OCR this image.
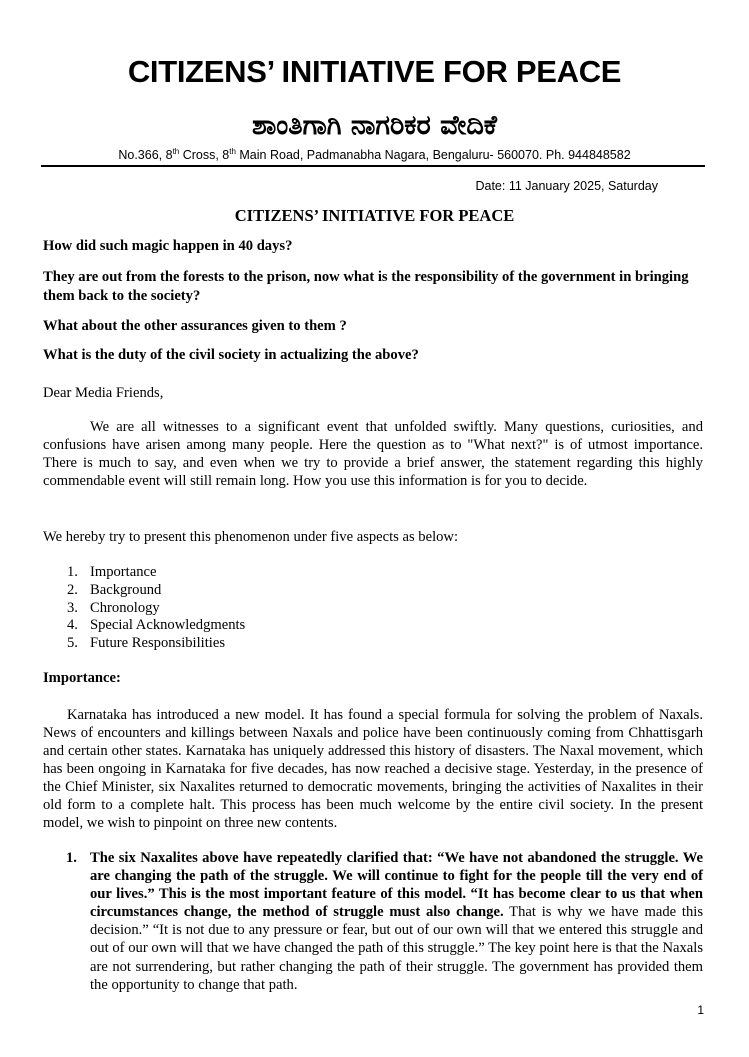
CITIZENS’ INITIATIVE FOR PEACE
ಶಾಂತಿಗಾಗಿ ನಾಗರಿಕರ ವೇದಿಕೆ
No.366, 8th Cross, 8th Main Road, Padmanabha Nagara, Bengaluru- 560070. Ph. 944848582
Date: 11 January 2025, Saturday
CITIZENS’ INITIATIVE FOR PEACE
How did such magic happen in 40 days?
They are out from the forests to the prison, now what is the responsibility of the government in bringing them back to the society?
What about the other assurances given to them ?
What is the duty of the civil society in actualizing the above?
Dear Media Friends,
We are all witnesses to a significant event that unfolded swiftly. Many questions, curiosities, and confusions have arisen among many people. Here the question as to "What next?" is of utmost importance. There is much to say, and even when we try to provide a brief answer, the statement regarding this highly commendable event will still remain long. How you use this information is for you to decide.
We hereby try to present this phenomenon under five aspects as below:
1. Importance
2. Background
3. Chronology
4. Special Acknowledgments
5. Future Responsibilities
Importance:
Karnataka has introduced a new model. It has found a special formula for solving the problem of Naxals. News of encounters and killings between Naxals and police have been continuously coming from Chhattisgarh and certain other states. Karnataka has uniquely addressed this history of disasters. The Naxal movement, which has been ongoing in Karnataka for five decades, has now reached a decisive stage. Yesterday, in the presence of the Chief Minister, six Naxalites returned to democratic movements, bringing the activities of Naxalites in their old form to a complete halt. This process has been much welcome by the entire civil society. In the present model, we wish to pinpoint on three new contents.
1. The six Naxalites above have repeatedly clarified that: “We have not abandoned the struggle. We are changing the path of the struggle. We will continue to fight for the people till the very end of our lives.” This is the most important feature of this model. “It has become clear to us that when circumstances change, the method of struggle must also change. That is why we have made this decision.” “It is not due to any pressure or fear, but out of our own will that we entered this struggle and out of our own will that we have changed the path of this struggle.” The key point here is that the Naxals are not surrendering, but rather changing the path of their struggle. The government has provided them the opportunity to change that path.
1
